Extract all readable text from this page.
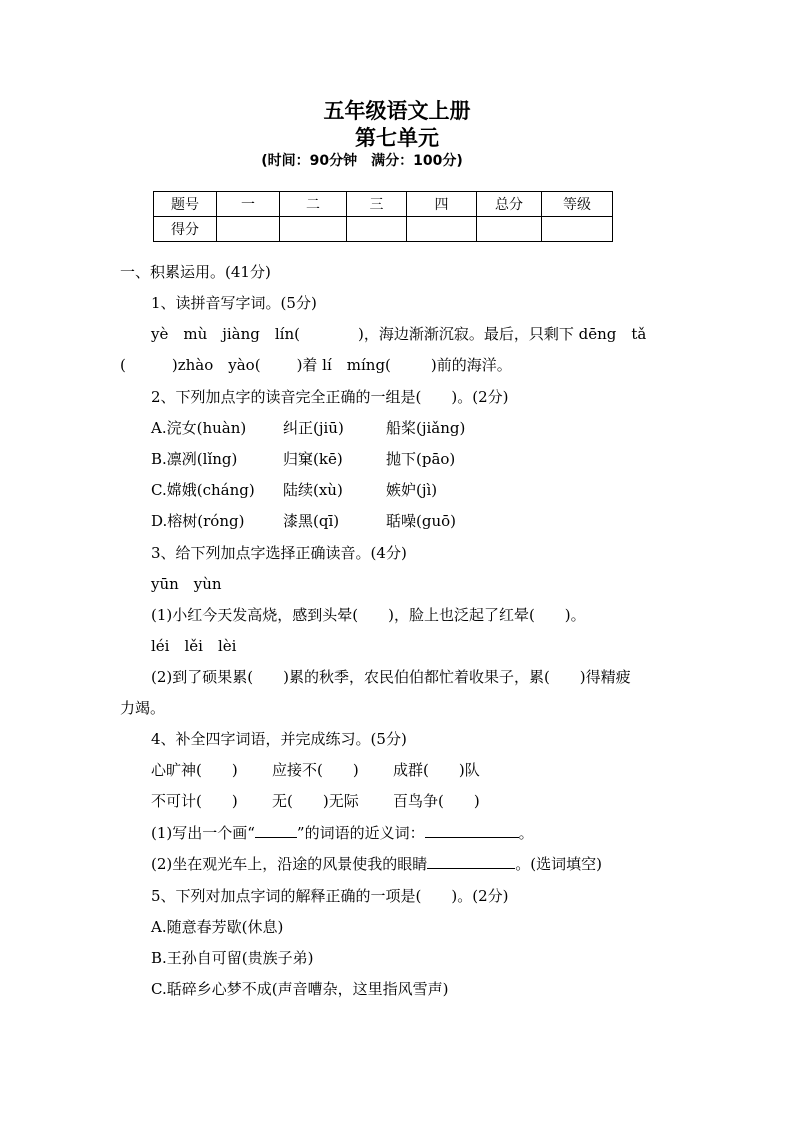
五年级语文上册
第七单元
(时间：90分钟　满分：100分)
题号	一	二	三	四	总分	等级
得分						
一、积累运用。(41分)
1、读拼音写字词。(5分)
yè　mù　jiàng　lín(	)，海边渐渐沉寂。最后，只剩下 dēng　tǎ
(	)zhào　yào( )着 lí　míng(	)前的海洋。
2、下列加点字的读音完全正确的一组是(　　)。(2分)
A.浣女(huàn) 纠正(jiū)	船桨(jiǎng)
B.凛冽(lǐng)	归窠(kē)	抛下(pāo)
C.嫦娥(cháng) 陆续(xù)	嫉妒(jì)
D.榕树(róng)	漆黑(qī)	聒噪(guō)
3、给下列加点字选择正确读音。(4分)
yūn　yùn
(1)小红今天发高烧，感到头晕(　　)，脸上也泛起了红晕(　　)。
léi　lěi　lèi
(2)到了硕果累(　　)累的秋季，农民伯伯都忙着收果子，累(　　)得精疲
力竭。
4、补全四字词语，并完成练习。(5分)
心旷神(　　) 应接不(　　) 成群(　　)队
不可计(　　) 无(　　)无际 百鸟争(　　)
(1)写出一个画“	”的词语的近义词：	。
(2)坐在观光车上，沿途的风景使我的眼睛	。(选词填空)
5、下列对加点字词的解释正确的一项是(　　)。(2分)
A.随意春芳歇(休息)
B.王孙自可留(贵族子弟)
C.聒碎乡心梦不成(声音嘈杂，这里指风雪声)
